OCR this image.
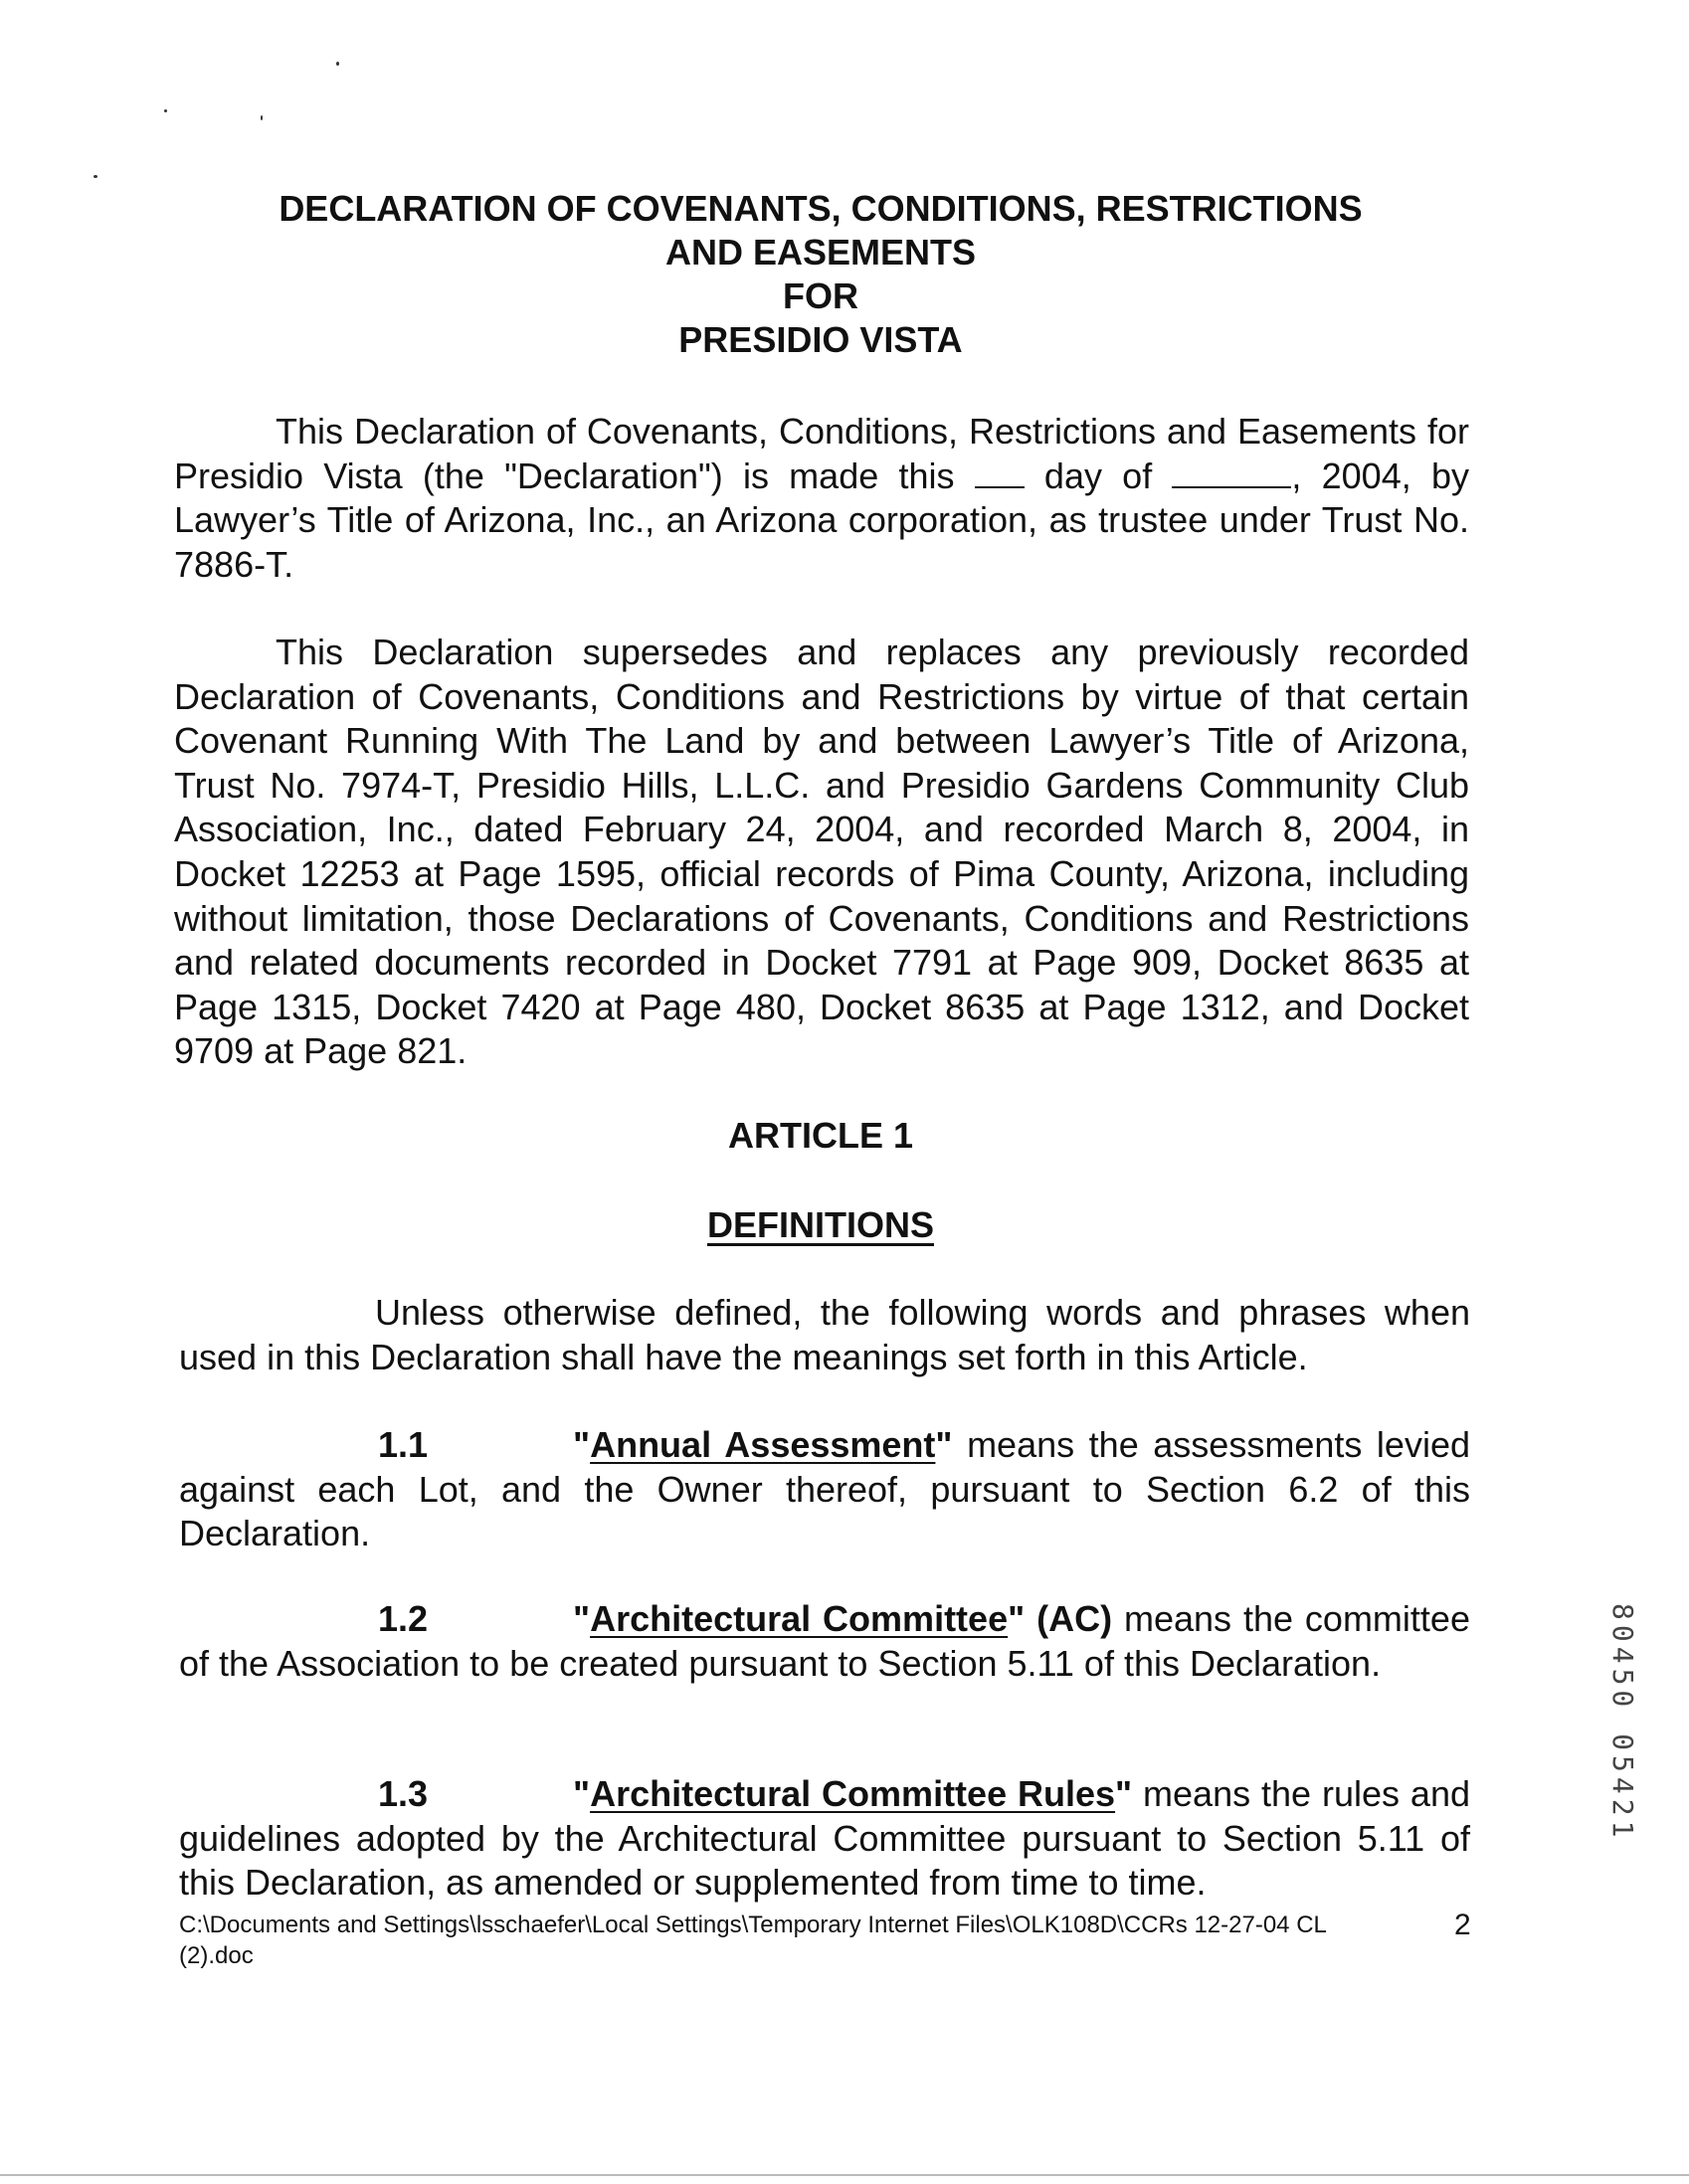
DECLARATION OF COVENANTS, CONDITIONS, RESTRICTIONS
AND EASEMENTS
FOR
PRESIDIO VISTA
This Declaration of Covenants, Conditions, Restrictions and Easements for Presidio Vista (the "Declaration") is made this	day of	, 2004, by Lawyer’s Title of Arizona, Inc., an Arizona corporation, as trustee under Trust No. 7886-T.
This Declaration supersedes and replaces any previously recorded Declaration of Covenants, Conditions and Restrictions by virtue of that certain Covenant Running With The Land by and between Lawyer’s Title of Arizona, Trust No. 7974-T, Presidio Hills, L.L.C. and Presidio Gardens Community Club Association, Inc., dated February 24, 2004, and recorded March 8, 2004, in Docket 12253 at Page 1595, official records of Pima County, Arizona, including without limitation, those Declarations of Covenants, Conditions and Restrictions and related documents recorded in Docket 7791 at Page 909, Docket 8635 at Page 1315, Docket 7420 at Page 480, Docket 8635 at Page 1312, and Docket 9709 at Page 821.
ARTICLE 1
DEFINITIONS
Unless otherwise defined, the following words and phrases when used in this Declaration shall have the meanings set forth in this Article.
1.1	"Annual Assessment" means the assessments levied against each Lot, and the Owner thereof, pursuant to Section 6.2 of this Declaration.
1.2	"Architectural Committee" (AC) means the committee of the Association to be created pursuant to Section 5.11 of this Declaration.
1.3	"Architectural Committee Rules" means the rules and guidelines adopted by the Architectural Committee pursuant to Section 5.11 of this Declaration, as amended or supplemented from time to time.
C:\Documents and Settings\lsschaefer\Local Settings\Temporary Internet Files\OLK108D\CCRs 12-27-04 CL (2).doc
2
80450 05421
